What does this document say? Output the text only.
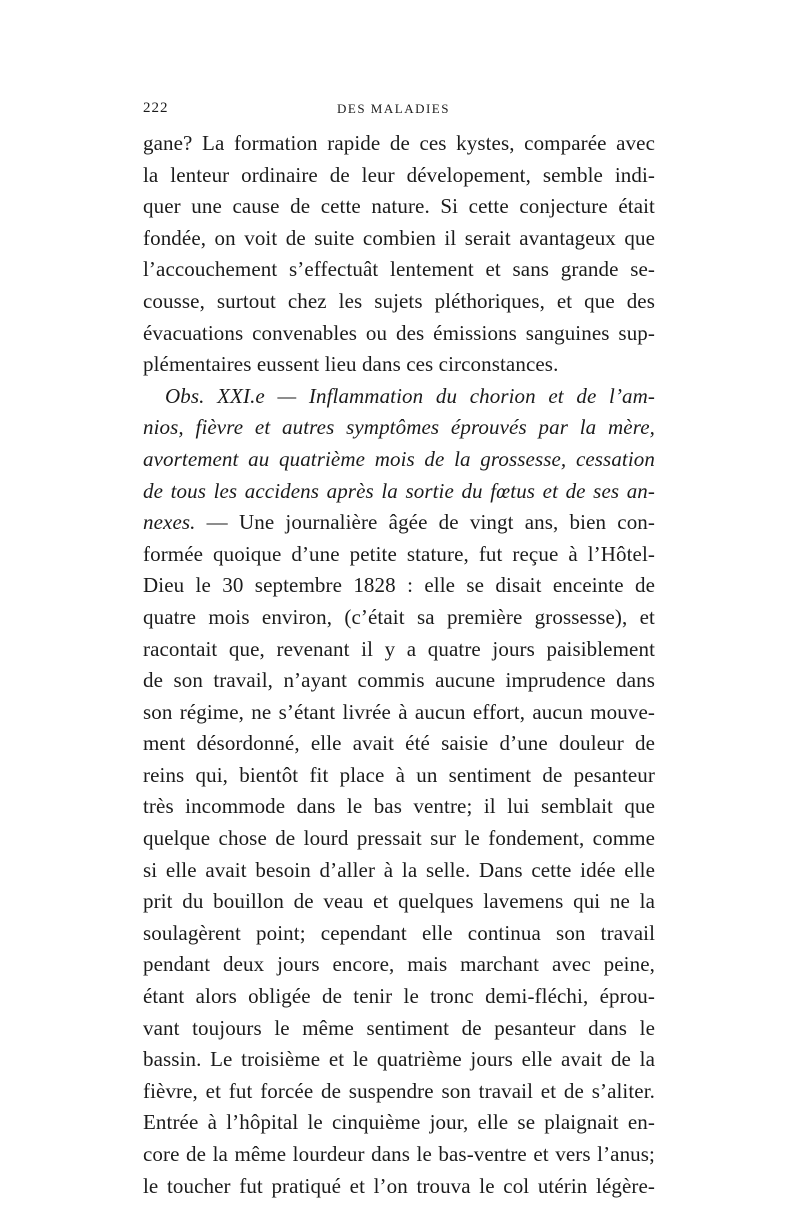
222	DES MALADIES
gane? La formation rapide de ces kystes, comparée avec
la lenteur ordinaire de leur dévelopement, semble indi-
quer une cause de cette nature. Si cette conjecture était
fondée, on voit de suite combien il serait avantageux que
l’accouchement s’effectuât lentement et sans grande se-
cousse, surtout chez les sujets pléthoriques, et que des
évacuations convenables ou des émissions sanguines sup-
plémentaires eussent lieu dans ces circonstances.
Obs. XXI.e — Inflammation du chorion et de l’am-
nios, fièvre et autres symptômes éprouvés par la mère,
avortement au quatrième mois de la grossesse, cessation
de tous les accidens après la sortie du fœtus et de ses an-
nexes. — Une journalière âgée de vingt ans, bien con-
formée quoique d’une petite stature, fut reçue à l’Hôtel-
Dieu le 30 septembre 1828 : elle se disait enceinte de
quatre mois environ, (c’était sa première grossesse), et
racontait que, revenant il y a quatre jours paisiblement
de son travail, n’ayant commis aucune imprudence dans
son régime, ne s’étant livrée à aucun effort, aucun mouve-
ment désordonné, elle avait été saisie d’une douleur de
reins qui, bientôt fit place à un sentiment de pesanteur
très incommode dans le bas ventre; il lui semblait que
quelque chose de lourd pressait sur le fondement, comme
si elle avait besoin d’aller à la selle. Dans cette idée elle
prit du bouillon de veau et quelques lavemens qui ne la
soulagèrent point; cependant elle continua son travail
pendant deux jours encore, mais marchant avec peine,
étant alors obligée de tenir le tronc demi-fléchi, éprou-
vant toujours le même sentiment de pesanteur dans le
bassin. Le troisième et le quatrième jours elle avait de la
fièvre, et fut forcée de suspendre son travail et de s’aliter.
Entrée à l’hôpital le cinquième jour, elle se plaignait en-
core de la même lourdeur dans le bas-ventre et vers l’anus;
le toucher fut pratiqué et l’on trouva le col utérin légère-
